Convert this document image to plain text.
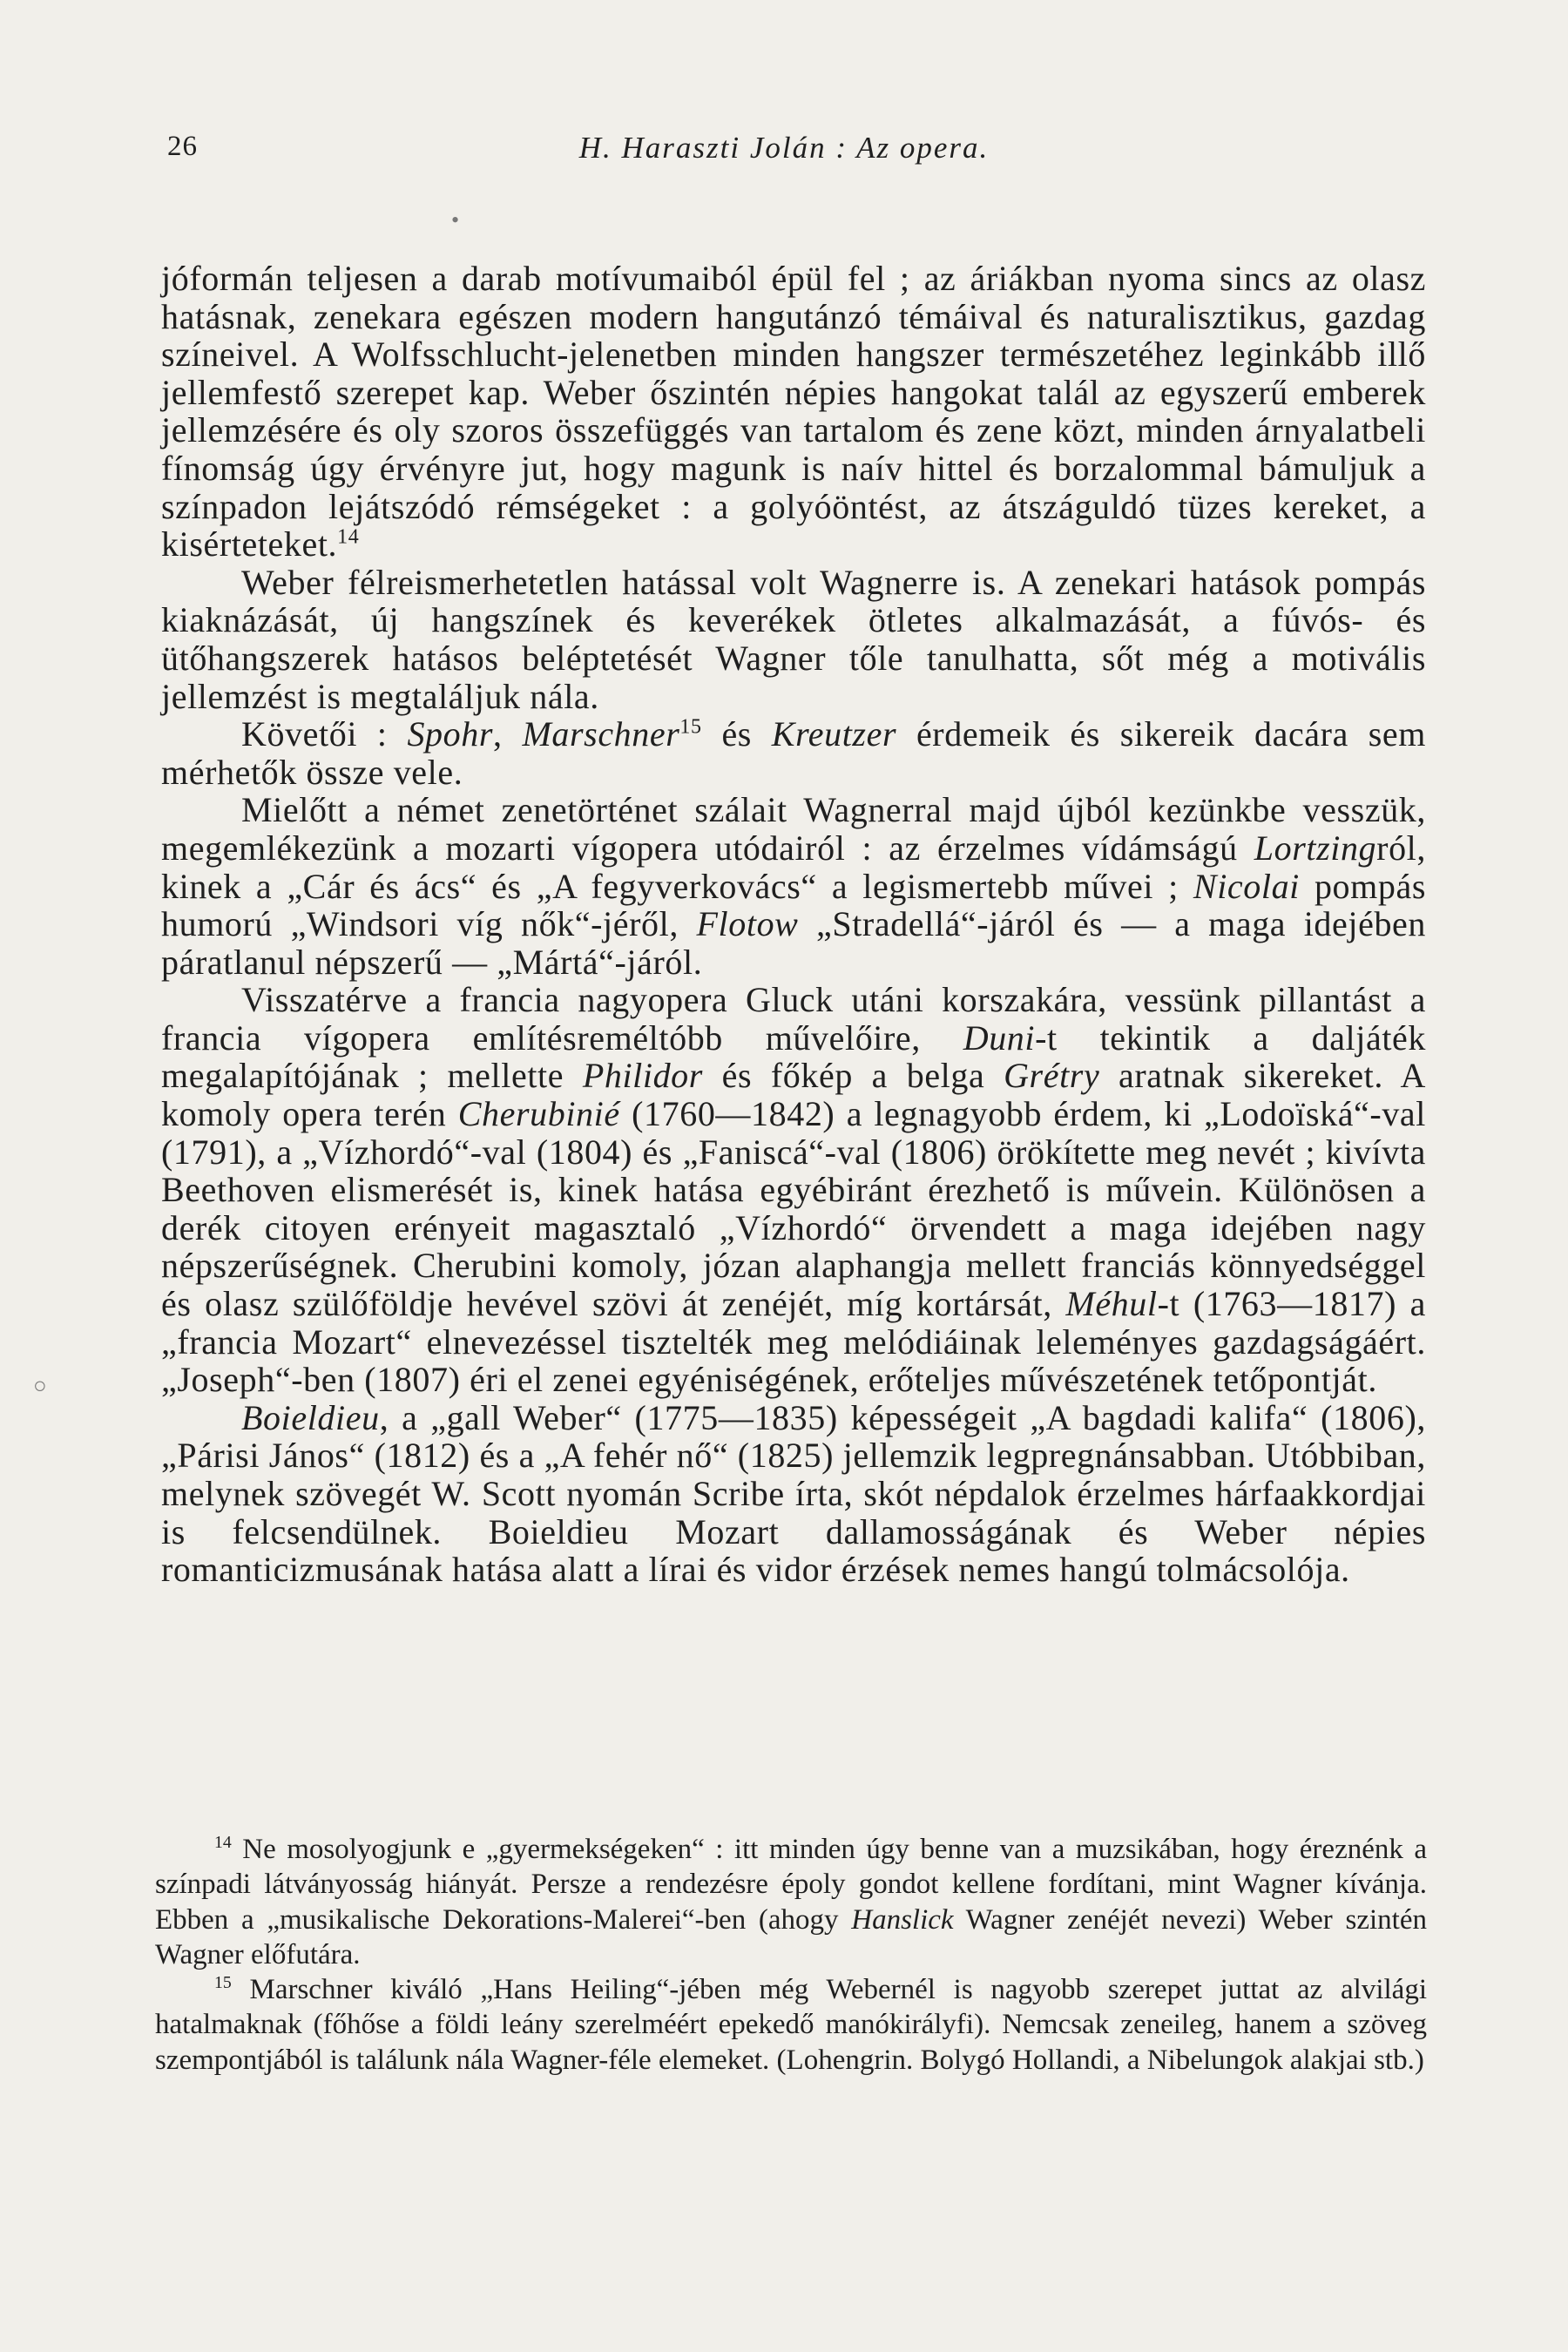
26	H. Haraszti Jolán : Az opera.

jóformán teljesen a darab motívumaiból épül fel ; az áriákban nyoma sincs az olasz hatásnak, zenekara egészen modern hangutánzó témáival és naturalisztikus, gazdag színeivel. A Wolfsschlucht-jelenetben minden hangszer természetéhez leginkább illő jellemfestő szerepet kap. Weber őszintén népies hangokat talál az egyszerű emberek jellemzésére és oly szoros összefüggés van tartalom és zene közt, minden árnyalatbeli fínomság úgy érvényre jut, hogy magunk is naív hittel és borzalommal bámuljuk a színpadon lejátszódó rémségeket : a golyóöntést, az átszáguldó tüzes kereket, a kisérteteket.$^{14}$

Weber félreismerhetetlen hatással volt Wagnerre is. A zenekari hatások pompás kiaknázását, új hangszínek és keverékek ötletes alkalmazását, a fúvós- és ütőhangszerek hatásos beléptetését Wagner tőle tanulhatta, sőt még a motivális jellemzést is megtaláljuk nála.

Követői : Spohr, Marschner$^{15}$ és Kreutzer érdemeik és sikereik dacára sem mérhetők össze vele.

Mielőtt a német zenetörténet szálait Wagnerral majd újból kezünkbe vesszük, megemlékezünk a mozarti vígopera utódairól : az érzelmes vídámságú Lortzingról, kinek a „Cár és ács“ és „A fegyverkovács“ a legismertebb művei ; Nicolai pompás humorú „Windsori víg nők“-jéről, Flotow „Stradellá“-járól és — a maga idejében páratlanul népszerű — „Mártá“-járól.

Visszatérve a francia nagyopera Gluck utáni korszakára, vessünk pillantást a francia vígopera említésreméltóbb művelőire, Duni-t tekintik a daljáték megalapítójának ; mellette Philidor és főkép a belga Grétry aratnak sikereket. A komoly opera terén Cherubinié (1760—1842) a legnagyobb érdem, ki „Lodoïská“-val (1791), a „Vízhordó“-val (1804) és „Faniscá“-val (1806) örökítette meg nevét ; kivívta Beethoven elismerését is, kinek hatása egyébiránt érezhető is művein. Különösen a derék citoyen erényeit magasztaló „Vízhordó“ örvendett a maga idejében nagy népszerűségnek. Cherubini komoly, józan alaphangja mellett franciás könnyedséggel és olasz szülőföldje hevével szövi át zenéjét, míg kortársát, Méhul-t (1763—1817) a „francia Mozart“ elnevezéssel tisztelték meg melódiáinak leleményes gazdagságáért. „Joseph“-ben (1807) éri el zenei egyéniségének, erőteljes művészetének tetőpontját.

Boieldieu, a „gall Weber“ (1775—1835) képességeit „A bagdadi kalifa“ (1806), „Párisi János“ (1812) és a „A fehér nő“ (1825) jellemzik legpregnánsabban. Utóbbiban, melynek szövegét W. Scott nyomán Scribe írta, skót népdalok érzelmes hárfaakkordjai is felcsendülnek. Boieldieu Mozart dallamosságának és Weber népies romanticizmusának hatása alatt a lírai és vidor érzések nemes hangú tolmácsolója.

$^{14}$ Ne mosolyogjunk e „gyermekségeken“ : itt minden úgy benne van a muzsikában, hogy éreznénk a színpadi látványosság hiányát. Persze a rendezésre époly gondot kellene fordítani, mint Wagner kívánja. Ebben a „musikalische Dekorations-Malerei“-ben (ahogy Hanslick Wagner zenéjét nevezi) Weber szintén Wagner előfutára.

$^{15}$ Marschner kiváló „Hans Heiling“-jében még Webernél is nagyobb szerepet juttat az alvilági hatalmaknak (főhőse a földi leány szerelméért epekedő manókirályfi). Nemcsak zeneileg, hanem a szöveg szempontjából is találunk nála Wagner-féle elemeket. (Lohengrin. Bolygó Hollandi, a Nibelungok alakjai stb.)

•
○
